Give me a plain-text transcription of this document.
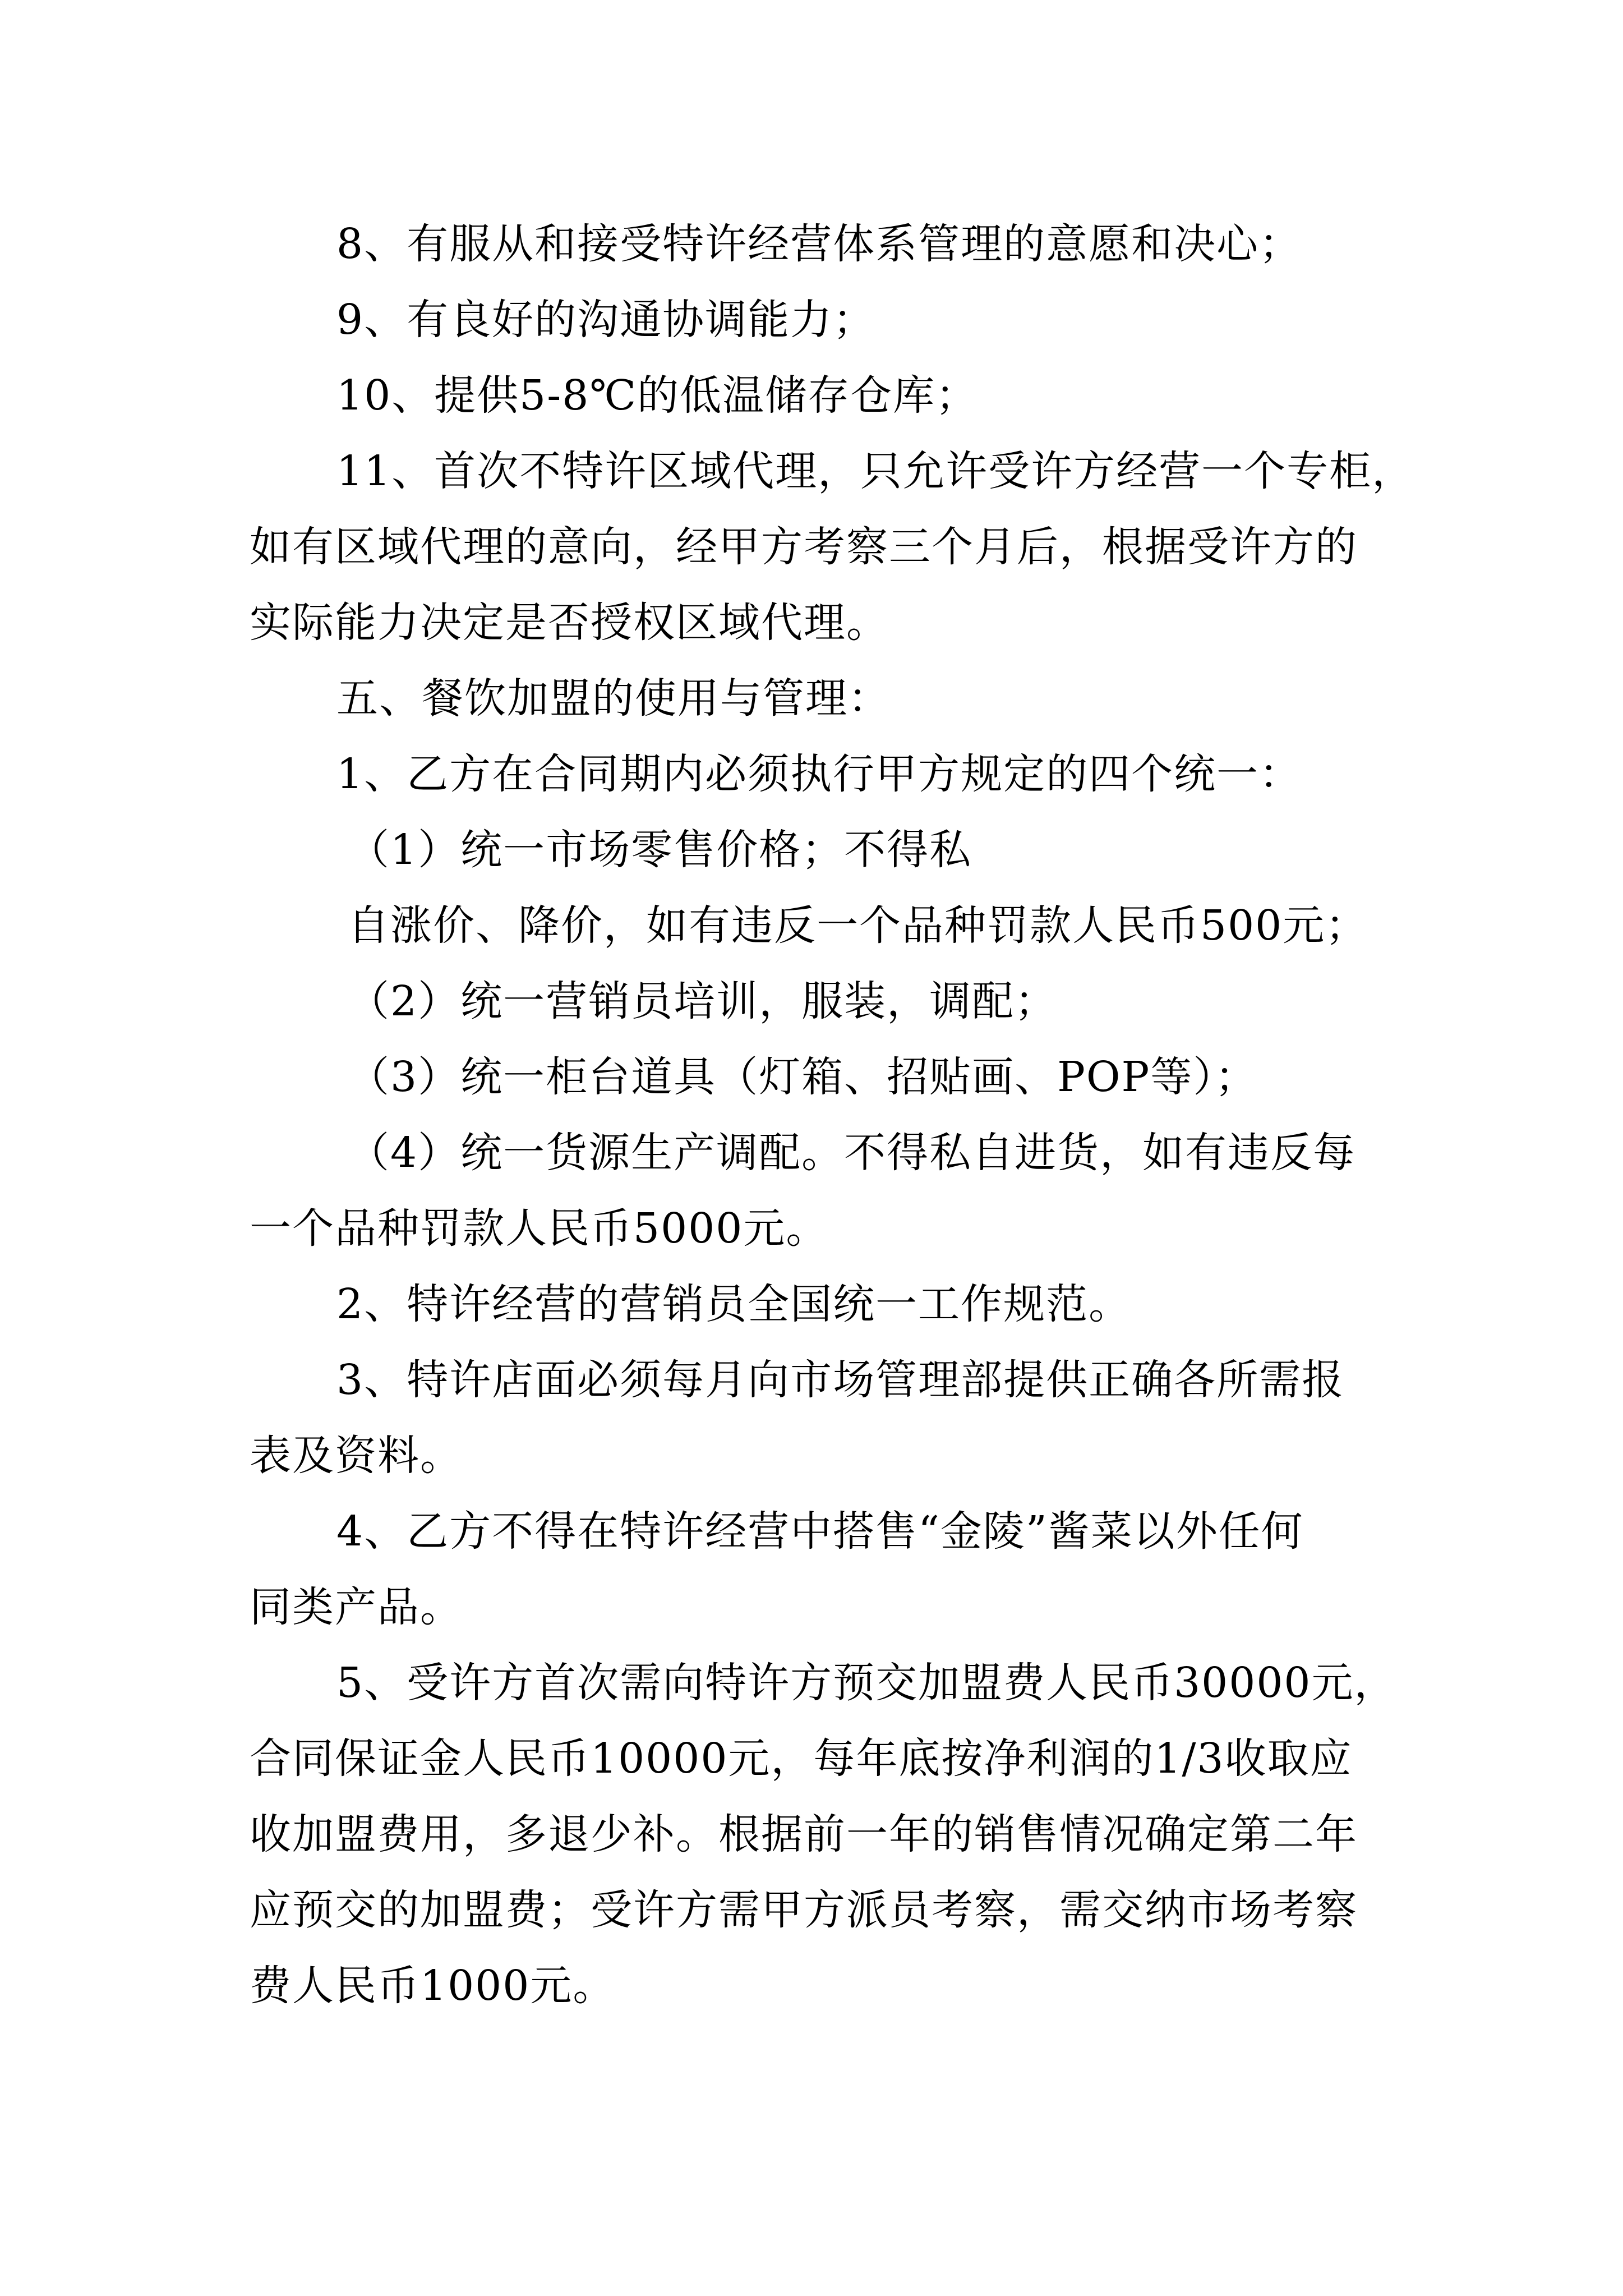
8、有服从和接受特许经营体系管理的意愿和决心；
9、有良好的沟通协调能力；
10、提供5-8℃的低温储存仓库；
11、首次不特许区域代理，只允许受许方经营一个专柜，
如有区域代理的意向，经甲方考察三个月后，根据受许方的
实际能力决定是否授权区域代理。
五、餐饮加盟的使用与管理：
1、乙方在合同期内必须执行甲方规定的四个统一：
（1）统一市场零售价格；不得私
自涨价、降价，如有违反一个品种罚款人民币500元；
（2）统一营销员培训，服装，调配；
（3）统一柜台道具（灯箱、招贴画、POP等）；
（4）统一货源生产调配。不得私自进货，如有违反每
一个品种罚款人民币5000元。
2、特许经营的营销员全国统一工作规范。
3、特许店面必须每月向市场管理部提供正确各所需报
表及资料。
4、乙方不得在特许经营中搭售“金陵”酱菜以外任何
同类产品。
5、受许方首次需向特许方预交加盟费人民币30000元，
合同保证金人民币10000元，每年底按净利润的1/3收取应
收加盟费用，多退少补。根据前一年的销售情况确定第二年
应预交的加盟费；受许方需甲方派员考察，需交纳市场考察
费人民币1000元。
